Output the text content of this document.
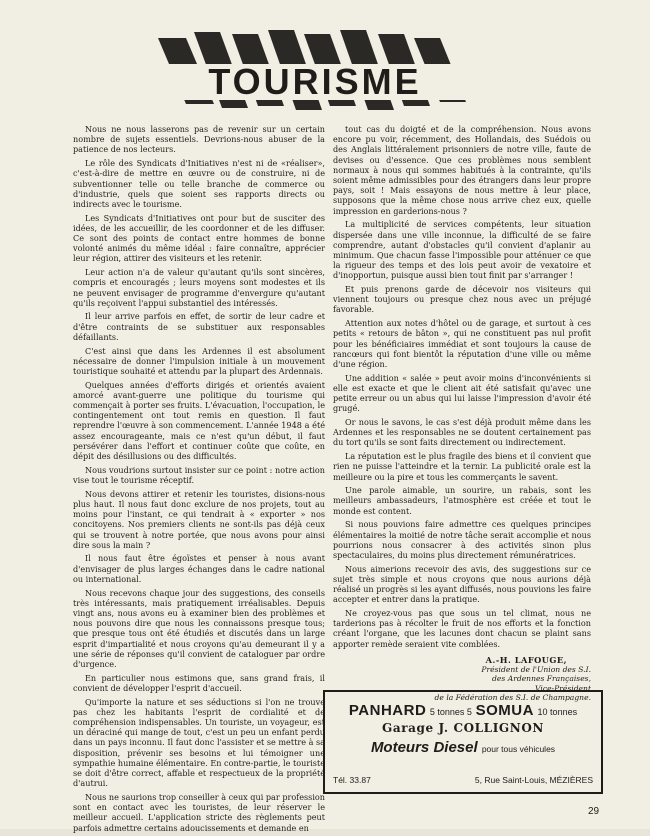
TOURISME

Nous ne nous lasserons pas de revenir sur un certain nombre de sujets essentiels. Devrions-nous abuser de la patience de nos lecteurs.

Le rôle des Syndicats d'Initiatives n'est ni de «réaliser», c'est-à-dire de mettre en œuvre ou de construire, ni de subventionner telle ou telle branche de commerce ou d'industrie, quels que soient ses rapports directs ou indirects avec le tourisme.

Les Syndicats d'Initiatives ont pour but de susciter des idées, de les accueillir, de les coordonner et de les diffuser. Ce sont des points de contact entre hommes de bonne volonté animés du même idéal : faire connaître, apprécier leur région, attirer des visiteurs et les retenir.

Leur action n'a de valeur qu'autant qu'ils sont sincères, compris et encouragés ; leurs moyens sont modestes et ils ne peuvent envisager de programme d'envergure qu'autant qu'ils reçoivent l'appui substantiel des intéressés.

Il leur arrive parfois en effet, de sortir de leur cadre et d'être contraints de se substituer aux responsables défaillants.

C'est ainsi que dans les Ardennes il est absolument nécessaire de donner l'impulsion initiale à un mouvement touristique souhaité et attendu par la plupart des Ardennais.

Quelques années d'efforts dirigés et orientés avaient amorcé avant-guerre une politique du tourisme qui commençait à porter ses fruits. L'évacuation, l'occupation, le contingentement ont tout remis en question. Il faut reprendre l'œuvre à son commencement. L'année 1948 a été assez encourageante, mais ce n'est qu'un début, il faut persévérer dans l'effort et continuer coûte que coûte, en dépit des désillusions ou des difficultés.

Nous voudrions surtout insister sur ce point : notre action vise tout le tourisme réceptif.

Nous devons attirer et retenir les touristes, disions-nous plus haut. Il nous faut donc exclure de nos projets, tout au moins pour l'instant, ce qui tendrait à « exporter » nos concitoyens. Nos premiers clients ne sont-ils pas déjà ceux qui se trouvent à notre portée, que nous avons pour ainsi dire sous la main ?

Il nous faut être égoïstes et penser à nous avant d'envisager de plus larges échanges dans le cadre national ou international.

Nous recevons chaque jour des suggestions, des conseils très intéressants, mais pratiquement irréalisables. Depuis vingt ans, nous avons eu à examiner bien des problèmes et nous pouvons dire que nous les connaissons presque tous; que presque tous ont été étudiés et discutés dans un large esprit d'impartialité et nous croyons qu'au demeurant il y a une série de réponses qu'il convient de cataloguer par ordre d'urgence.

En particulier nous estimons que, sans grand frais, il convient de développer l'esprit d'accueil.

Qu'importe la nature et ses séductions si l'on ne trouve pas chez les habitants l'esprit de cordialité et de compréhension indispensables. Un touriste, un voyageur, est un déraciné qui mange de tout, c'est un peu un enfant perdu dans un pays inconnu. Il faut donc l'assister et se mettre à sa disposition, prévenir ses besoins et lui témoigner une sympathie humaine élémentaire. En contre-partie, le touriste se doit d'être correct, affable et respectueux de la propriété d'autrui.

Nous ne saurions trop conseiller à ceux qui par profession sont en contact avec les touristes, de leur réserver le meilleur accueil. L'application stricte des règlements peut parfois admettre certains adoucissements et demande en

tout cas du doigté et de la compréhension. Nous avons encore pu voir, récemment, des Hollandais, des Suédois ou des Anglais littéralement prisonniers de notre ville, faute de devises ou d'essence. Que ces problèmes nous semblent normaux à nous qui sommes habitués à la contrainte, qu'ils soient même admissibles pour des étrangers dans leur propre pays, soit ! Mais essayons de nous mettre à leur place, supposons que la même chose nous arrive chez eux, quelle impression en garderions-nous ?

La multiplicité de services compétents, leur situation dispersée dans une ville inconnue, la difficulté de se faire comprendre, autant d'obstacles qu'il convient d'aplanir au minimum. Que chacun fasse l'impossible pour atténuer ce que la rigueur des temps et des lois peut avoir de vexatoire et d'inopportun, puisque aussi bien tout finit par s'arranger !

Et puis prenons garde de décevoir nos visiteurs qui viennent toujours ou presque chez nous avec un préjugé favorable.

Attention aux notes d'hôtel ou de garage, et surtout à ces petits « retours de bâton », qui ne constituent pas nul profit pour les bénéficiaires immédiat et sont toujours la cause de rancœurs qui font bientôt la réputation d'une ville ou même d'une région.

Une addition « salée » peut avoir moins d'inconvénients si elle est exacte et que le client ait été satisfait qu'avec une petite erreur ou un abus qui lui laisse l'impression d'avoir été grugé.

Or nous le savons, le cas s'est déjà produit même dans les Ardennes et les responsables ne se doutent certainement pas du tort qu'ils se sont faits directement ou indirectement.

La réputation est le plus fragile des biens et il convient que rien ne puisse l'atteindre et la ternir. La publicité orale est la meilleure ou la pire et tous les commerçants le savent.

Une parole aimable, un sourire, un rabais, sont les meilleurs ambassadeurs, l'atmosphère est créée et tout le monde est content.

Si nous pouvions faire admettre ces quelques principes élémentaires la moitié de notre tâche serait accomplie et nous pourrions nous consacrer à des activités sinon plus spectaculaires, du moins plus directement rémunératrices.

Nous aimerions recevoir des avis, des suggestions sur ce sujet très simple et nous croyons que nous aurions déjà réalisé un progrès si les ayant diffusés, nous pouvions les faire accepter et entrer dans la pratique.

Ne croyez-vous pas que sous un tel climat, nous ne tarderions pas à récolter le fruit de nos efforts et la fonction créant l'organe, que les lacunes dont chacun se plaint sans apporter remède seraient vite comblées.

A.-H. LAFOUGE,
Président de l'Union des S.I.
des Ardennes Françaises,
Vice-Président
de la Fédération des S.I. de Champagne.
PANHARD 5 tonnes 5 SOMUA 10 tonnes
Garage J. COLLIGNON
Moteurs Diesel pour tous véhicules
Tél. 33.87	5, Rue Saint-Louis, MÉZIÈRES
29
